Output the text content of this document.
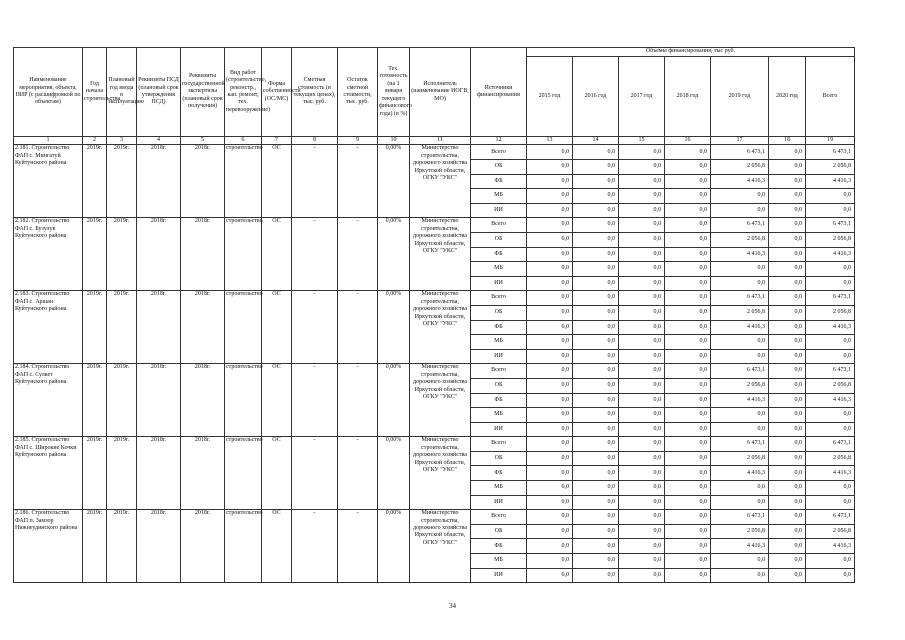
Наименование мероприятия, объекта, ПИР (с расшифровкой по объектам)	Год начала строительства	Плановый год ввода в эксплуатацию	Реквизиты ПСД (плановый срок утверждения ПСД)	Реквизиты государственной экспертизы (плановый срок получения)	Вид работ (строительство, реконстр., кап. ремонт, тех. перевооружение)	Форма собственности (ОС/МС)	Сметная стоимость (в текущих ценах), тыс. руб.	Остаток сметной стоимости, тыс. руб.	Тех. готовность (на 1 января текущего финансового года) (в %)	Исполнитель (наименование ИОГВ, МО)	Источники финансирования	Объемы финансирования, тыс руб.						
												2015 год	2016 год	2017 год	2018 год	2019 год	2020 год	Всего
1	2	3	4	5	6	7	8	9	10	11	12	13	14	15	16	17	18	19
2.181. Строительство ФАП с. Мингатуй Куйтунского района	2019г.	2019г.	2018г.	2018г.	строительство	ОС	-	-	0,00%	Министерство строительства, дорожного хозяйства Иркутской области, ОГКУ "УКС"	Всего	0,0	0,0	0,0	0,0	6 473,1	0,0	6 473,1
											ОБ	0,0	0,0	0,0	0,0	2 056,8	0,0	2 056,8
											ФБ	0,0	0,0	0,0	0,0	4 416,3	0,0	4 416,3
											МБ	0,0	0,0	0,0	0,0	0,0	0,0	0,0
											ИИ	0,0	0,0	0,0	0,0	0,0	0,0	0,0
2.182. Строительство ФАП с. Бузулук Куйтунского района	2019г.	2019г.	2018г.	2018г.	строительство	ОС	-	-	0,00%	Министерство строительства, дорожного хозяйства Иркутской области, ОГКУ "УКС"	Всего	0,0	0,0	0,0	0,0	6 473,1	0,0	6 473,1
											ОБ	0,0	0,0	0,0	0,0	2 056,8	0,0	2 056,8
											ФБ	0,0	0,0	0,0	0,0	4 416,3	0,0	4 416,3
											МБ	0,0	0,0	0,0	0,0	0,0	0,0	0,0
											ИИ	0,0	0,0	0,0	0,0	0,0	0,0	0,0
2.183. Строительство ФАП с. Аршан Куйтунского района	2019г.	2019г.	2018г.	2018г.	строительство	ОС	-	-	0,00%	Министерство строительства, дорожного хозяйства Иркутской области, ОГКУ "УКС"	Всего	0,0	0,0	0,0	0,0	6 473,1	0,0	6 473,1
											ОБ	0,0	0,0	0,0	0,0	2 056,8	0,0	2 056,8
											ФБ	0,0	0,0	0,0	0,0	4 416,3	0,0	4 416,3
											МБ	0,0	0,0	0,0	0,0	0,0	0,0	0,0
											ИИ	0,0	0,0	0,0	0,0	0,0	0,0	0,0
2.184. Строительство ФАП с. Сулкет Куйтунского района	2019г.	2019г.	2018г.	2018г.	строительство	ОС	-	-	0,00%	Министерство строительства, дорожного хозяйства Иркутской области, ОГКУ "УКС"	Всего	0,0	0,0	0,0	0,0	6 473,1	0,0	6 473,1
											ОБ	0,0	0,0	0,0	0,0	2 056,8	0,0	2 056,8
											ФБ	0,0	0,0	0,0	0,0	4 416,3	0,0	4 416,3
											МБ	0,0	0,0	0,0	0,0	0,0	0,0	0,0
											ИИ	0,0	0,0	0,0	0,0	0,0	0,0	0,0
2.185. Строительство ФАП с. Широкие Кочки Куйтунского района	2019г.	2019г.	2018г.	2018г.	строительство	ОС	-	-	0,00%	Министерство строительства, дорожного хозяйства Иркутской области, ОГКУ "УКС"	Всего	0,0	0,0	0,0	0,0	6 473,1	0,0	6 473,1
											ОБ	0,0	0,0	0,0	0,0	2 056,8	0,0	2 056,8
											ФБ	0,0	0,0	0,0	0,0	4 416,3	0,0	4 416,3
											МБ	0,0	0,0	0,0	0,0	0,0	0,0	0,0
											ИИ	0,0	0,0	0,0	0,0	0,0	0,0	0,0
2.186. Строительство ФАП п. Замзор Нижнеудинского района	2019г.	2019г.	2018г.	2018г.	строительство	ОС	-	-	0,00%	Министерство строительства, дорожного хозяйства Иркутской области, ОГКУ "УКС"	Всего	0,0	0,0	0,0	0,0	6 473,1	0,0	6 473,1
											ОБ	0,0	0,0	0,0	0,0	2 056,8	0,0	2 056,8
											ФБ	0,0	0,0	0,0	0,0	4 416,3	0,0	4 416,3
											МБ	0,0	0,0	0,0	0,0	0,0	0,0	0,0
											ИИ	0,0	0,0	0,0	0,0	0,0	0,0	0,0
34
